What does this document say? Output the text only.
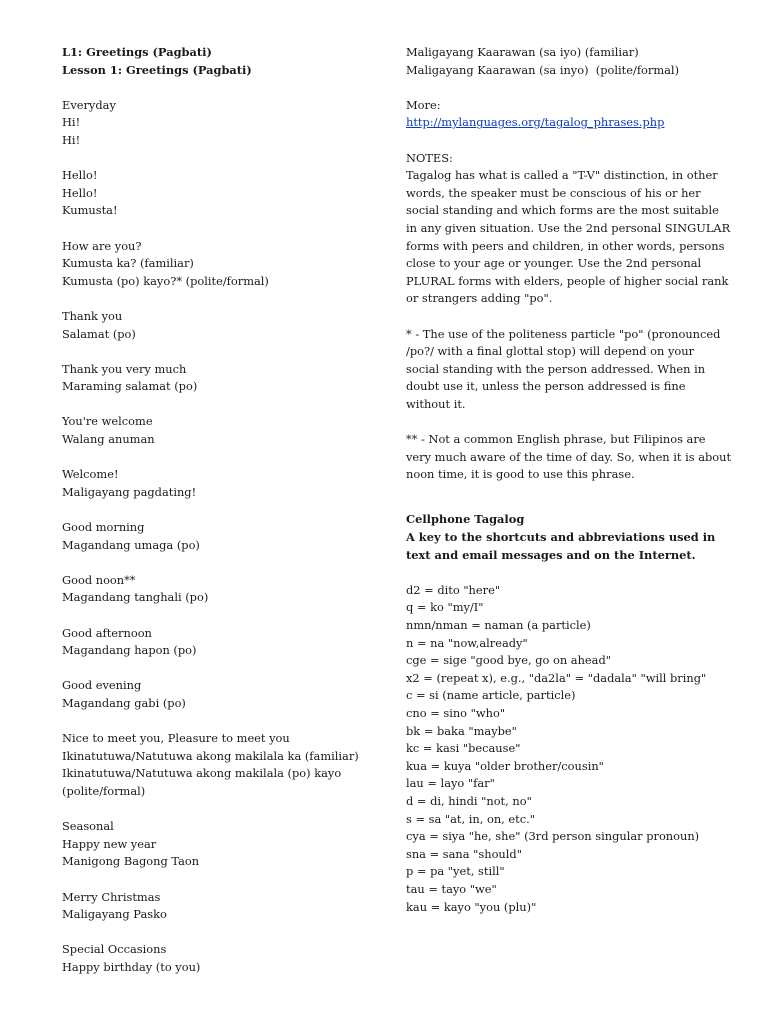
L1: Greetings (Pagbati)
Lesson 1: Greetings (Pagbati)
Everyday
Hi!
Hi!
Hello!
Hello!
Kumusta!
How are you?
Kumusta ka? (familiar)
Kumusta (po) kayo?* (polite/formal)
Thank you
Salamat (po)
Thank you very much
Maraming salamat (po)
You're welcome
Walang anuman
Welcome!
Maligayang pagdating!
Good morning
Magandang umaga (po)
Good noon**
Magandang tanghali (po)
Good afternoon
Magandang hapon (po)
Good evening
Magandang gabi (po)
Nice to meet you, Pleasure to meet you
Ikinatutuwa/Natutuwa akong makilala ka (familiar)
Ikinatutuwa/Natutuwa akong makilala (po) kayo
(polite/formal)
Seasonal
Happy new year
Manigong Bagong Taon
Merry Christmas
Maligayang Pasko
Special Occasions
Happy birthday (to you)
Maligayang Kaarawan (sa iyo) (familiar)
Maligayang Kaarawan (sa inyo)  (polite/formal)
More:
http://mylanguages.org/tagalog_phrases.php
NOTES:
Tagalog has what is called a "T-V" distinction, in other
words, the speaker must be conscious of his or her
social standing and which forms are the most suitable
in any given situation. Use the 2nd personal SINGULAR
forms with peers and children, in other words, persons
close to your age or younger. Use the 2nd personal
PLURAL forms with elders, people of higher social rank
or strangers adding "po".
* - The use of the politeness particle "po" (pronounced
/po?/ with a final glottal stop) will depend on your
social standing with the person addressed. When in
doubt use it, unless the person addressed is fine
without it.
** - Not a common English phrase, but Filipinos are
very much aware of the time of day. So, when it is about
noon time, it is good to use this phrase.
Cellphone Tagalog
A key to the shortcuts and abbreviations used in
text and email messages and on the Internet.
d2 = dito "here"
q = ko "my/I"
nmn/nman = naman (a particle)
n = na "now,already"
cge = sige "good bye, go on ahead"
x2 = (repeat x), e.g., "da2la" = "dadala" "will bring"
c = si (name article, particle)
cno = sino "who"
bk = baka "maybe"
kc = kasi "because"
kua = kuya "older brother/cousin"
lau = layo "far"
d = di, hindi "not, no"
s = sa "at, in, on, etc."
cya = siya "he, she" (3rd person singular pronoun)
sna = sana "should"
p = pa "yet, still"
tau = tayo "we"
kau = kayo "you (plu)"
